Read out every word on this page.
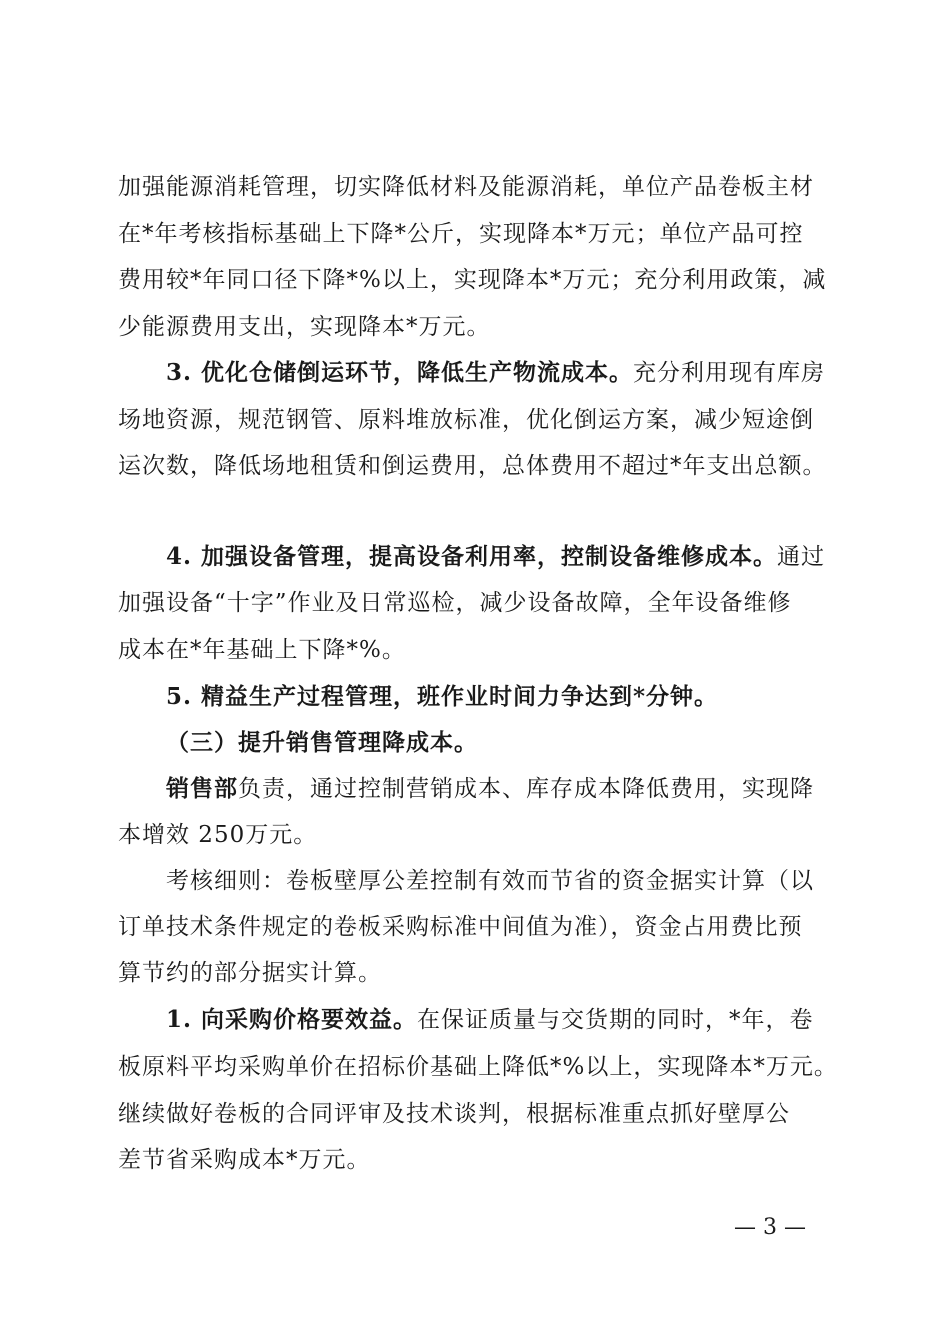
加强能源消耗管理，切实降低材料及能源消耗，单位产品卷板主材
在*年考核指标基础上下降*公斤，实现降本*万元；单位产品可控
费用较*年同口径下降*%以上，实现降本*万元；充分利用政策，减
少能源费用支出，实现降本*万元。
3. 优化仓储倒运环节，降低生产物流成本。充分利用现有库房
场地资源，规范钢管、原料堆放标准，优化倒运方案，减少短途倒
运次数，降低场地租赁和倒运费用，总体费用不超过*年支出总额。
4. 加强设备管理，提高设备利用率，控制设备维修成本。通过
加强设备“十字”作业及日常巡检，减少设备故障，全年设备维修
成本在*年基础上下降*%。
5. 精益生产过程管理，班作业时间力争达到*分钟。
（三）提升销售管理降成本。
销售部负责，通过控制营销成本、库存成本降低费用，实现降
本增效 250万元。
考核细则：卷板壁厚公差控制有效而节省的资金据实计算（以
订单技术条件规定的卷板采购标准中间值为准），资金占用费比预
算节约的部分据实计算。
1. 向采购价格要效益。在保证质量与交货期的同时，*年，卷
板原料平均采购单价在招标价基础上降低*%以上，实现降本*万元。
继续做好卷板的合同评审及技术谈判，根据标准重点抓好壁厚公
差节省采购成本*万元。
— 3 —
